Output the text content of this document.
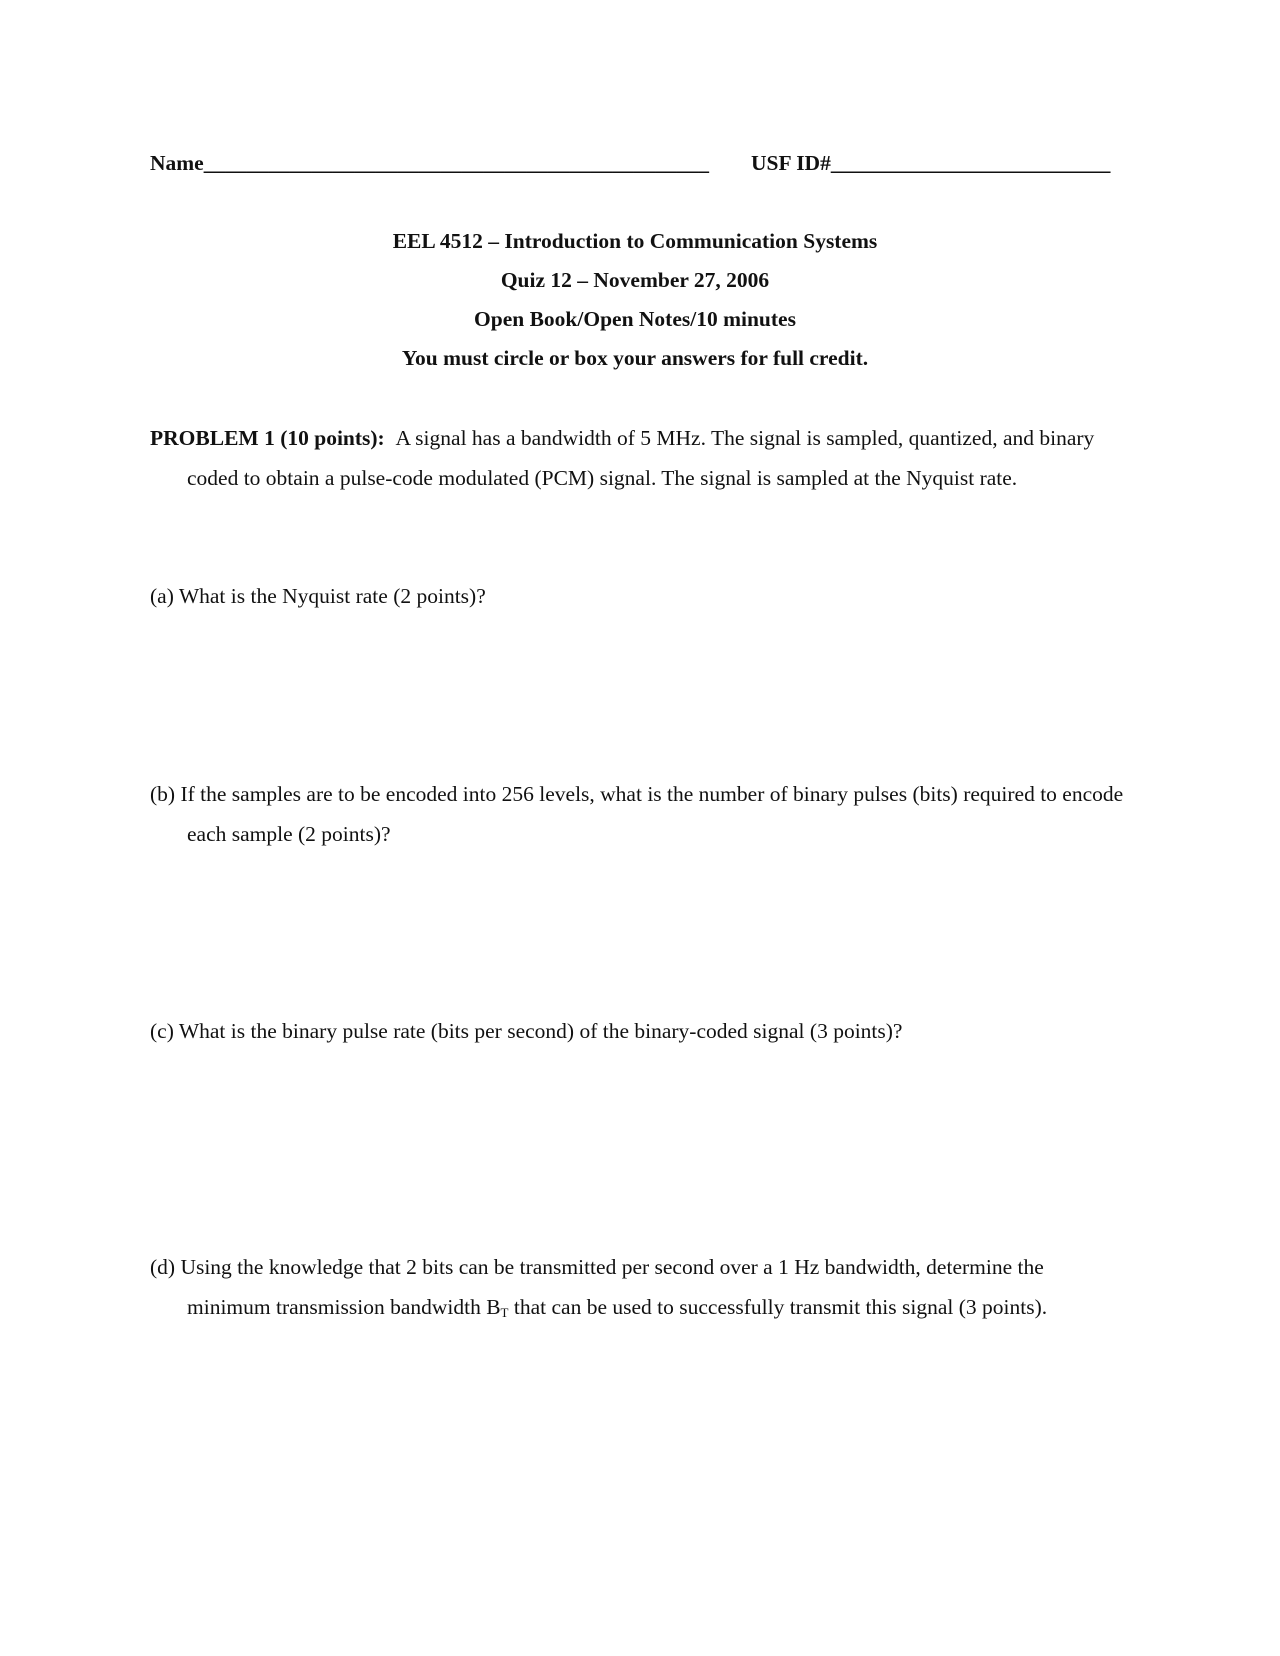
Name_______________________________________________ USF ID#__________________________
EEL 4512 – Introduction to Communication Systems
Quiz 12 – November 27, 2006
Open Book/Open Notes/10 minutes
You must circle or box your answers for full credit.
PROBLEM 1 (10 points): A signal has a bandwidth of 5 MHz. The signal is sampled, quantized, and binary coded to obtain a pulse-code modulated (PCM) signal. The signal is sampled at the Nyquist rate.
(a) What is the Nyquist rate (2 points)?
(b) If the samples are to be encoded into 256 levels, what is the number of binary pulses (bits) required to encode each sample (2 points)?
(c) What is the binary pulse rate (bits per second) of the binary-coded signal (3 points)?
(d) Using the knowledge that 2 bits can be transmitted per second over a 1 Hz bandwidth, determine the minimum transmission bandwidth $B_T$ that can be used to successfully transmit this signal (3 points).
